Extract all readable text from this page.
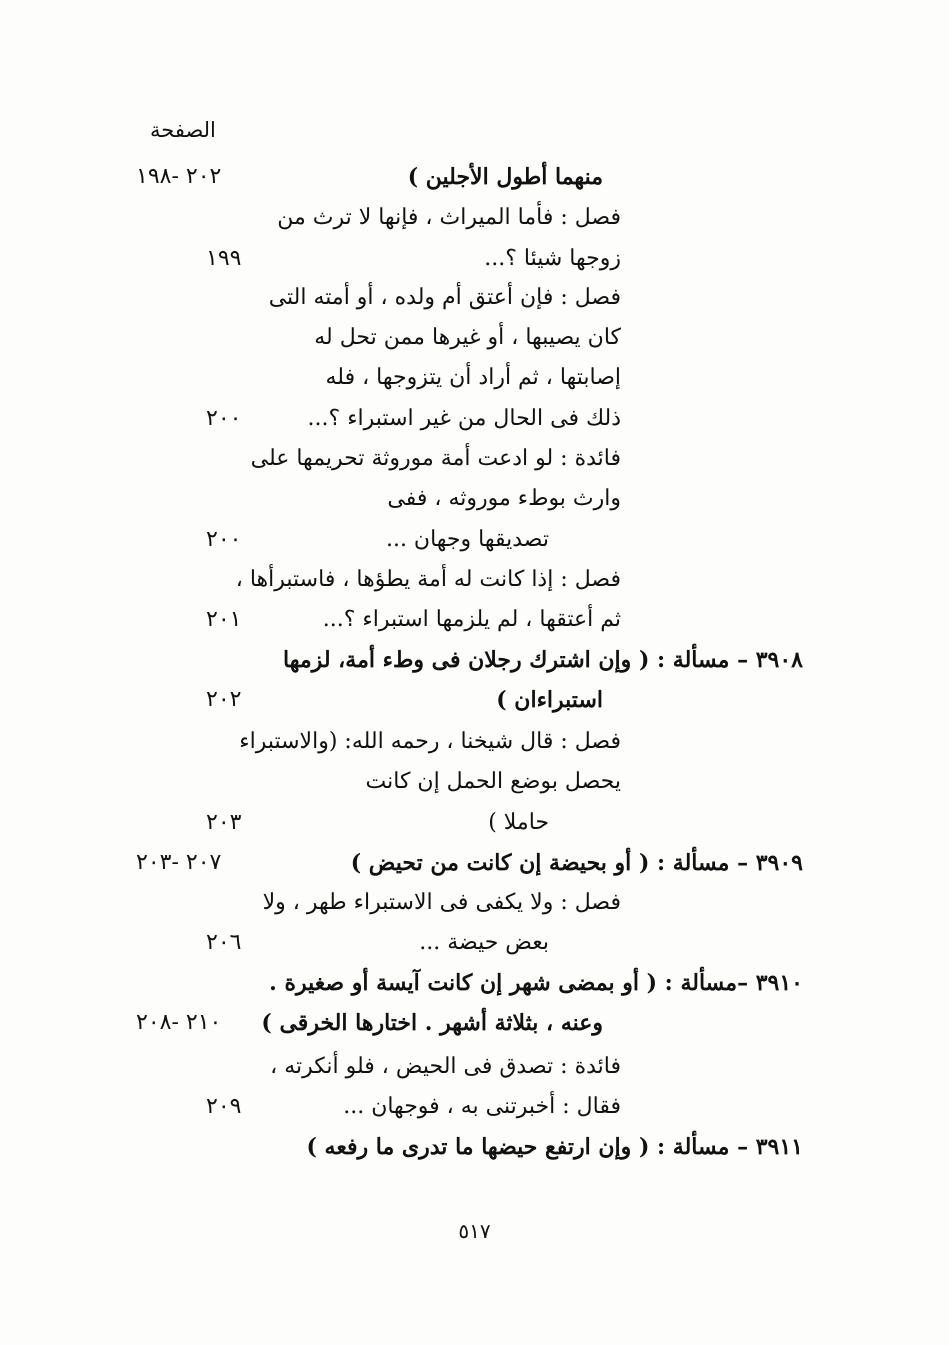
الصفحة
منهما أطول الأجلين )
٢٠٢ -١٩٨
فصل : فأما الميراث ، فإنها لا ترث من
زوجها شيئا ؟...
١٩٩
فصل : فإن أعتق أم ولده ، أو أمته التى
كان يصيبها ، أو غيرها ممن تحل له
إصابتها ، ثم أراد أن يتزوجها ، فله
ذلك فى الحال من غير استبراء ؟...
٢٠٠
فائدة : لو ادعت أمة موروثة تحريمها على
وارث بوطء موروثه ، ففى
تصديقها وجهان ...
٢٠٠
فصل : إذا كانت له أمة يطؤها ، فاستبرأها ،
ثم أعتقها ، لم يلزمها استبراء ؟...
٢٠١
٣٩٠٨ – مسألة : ( وإن اشترك رجلان فى وطء أمة، لزمها
استبراءان )
٢٠٢
فصل : قال شيخنا ، رحمه الله: (والاستبراء
يحصل بوضع الحمل إن كانت
حاملا )
٢٠٣
٣٩٠٩ – مسألة : ( أو بحيضة إن كانت من تحيض )
٢٠٧ -٢٠٣
فصل : ولا يكفى فى الاستبراء طهر ، ولا
بعض حيضة ...
٢٠٦
٣٩١٠ –مسألة : ( أو بمضى شهر إن كانت آيسة أو صغيرة .
وعنه ، بثلاثة أشهر . اختارها الخرقى )
٢١٠ -٢٠٨
فائدة : تصدق فى الحيض ، فلو أنكرته ،
فقال : أخبرتنى به ، فوجهان ...
٢٠٩
٣٩١١ – مسألة : ( وإن ارتفع حيضها ما تدرى ما رفعه )
٥١٧
